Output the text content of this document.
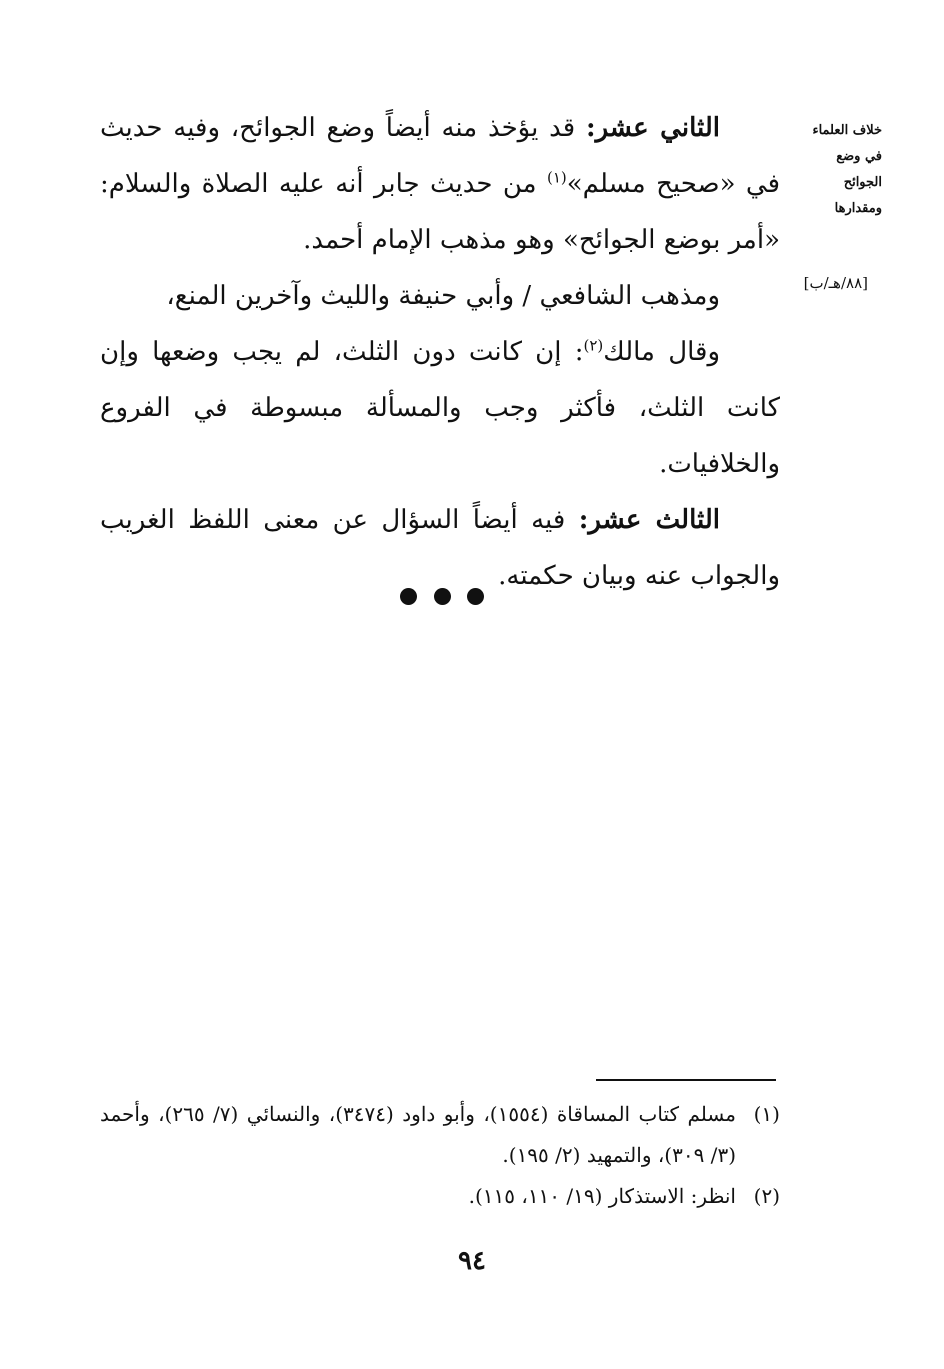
خلاف العلماء
في وضع
الجوائح
ومقدارها
[٨٨/هـ/ب]

الثاني عشر: قد يؤخذ منه أيضاً وضع الجوائح، وفيه حديث في «صحيح مسلم»$^{(١)}$ من حديث جابر أنه عليه الصلاة والسلام: «أمر بوضع الجوائح» وهو مذهب الإمام أحمد.

ومذهب الشافعي / وأبي حنيفة والليث وآخرين المنع،

وقال مالك$^{(٢)}$: إن كانت دون الثلث، لم يجب وضعها وإن كانت الثلث، فأكثر وجب والمسألة مبسوطة في الفروع والخلافيات.

الثالث عشر: فيه أيضاً السؤال عن معنى اللفظ الغريب والجواب عنه وبيان حكمته.

(١)مسلم كتاب المساقاة (١٥٥٤)، وأبو داود (٣٤٧٤)، والنسائي (٧/ ٢٦٥)، وأحمد (٣/ ٣٠٩)، والتمهيد (٢/ ١٩٥).

(٢)انظر: الاستذكار (١٩/ ١١٠، ١١٥).

٩٤
